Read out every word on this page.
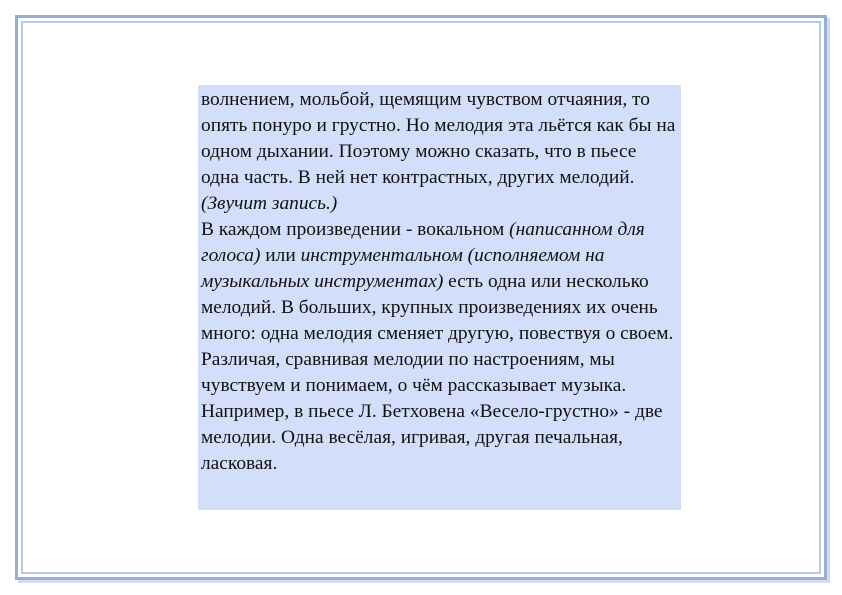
волнением, мольбой, щемящим чувством отчаяния, то опять понуро и грустно. Но мелодия эта льётся как бы на одном дыхании. Поэтому можно сказать, что в пьесе одна часть. В ней нет контрастных, других мелодий. (Звучит запись.)

В каждом произведении - вокальном (написанном для голоса) или инструментальном (исполняемом на музыкальных инструментах) есть одна или несколько мелодий. В больших, крупных произведениях их очень много: одна мелодия сменяет другую, повествуя о своем. Различая, сравнивая мелодии по настроениям, мы чувствуем и понимаем, о чём рассказывает музыка. Например, в пьесе Л. Бетховена «Весело-грустно» - две мелодии. Одна весёлая, игривая, другая печальная, ласковая.
